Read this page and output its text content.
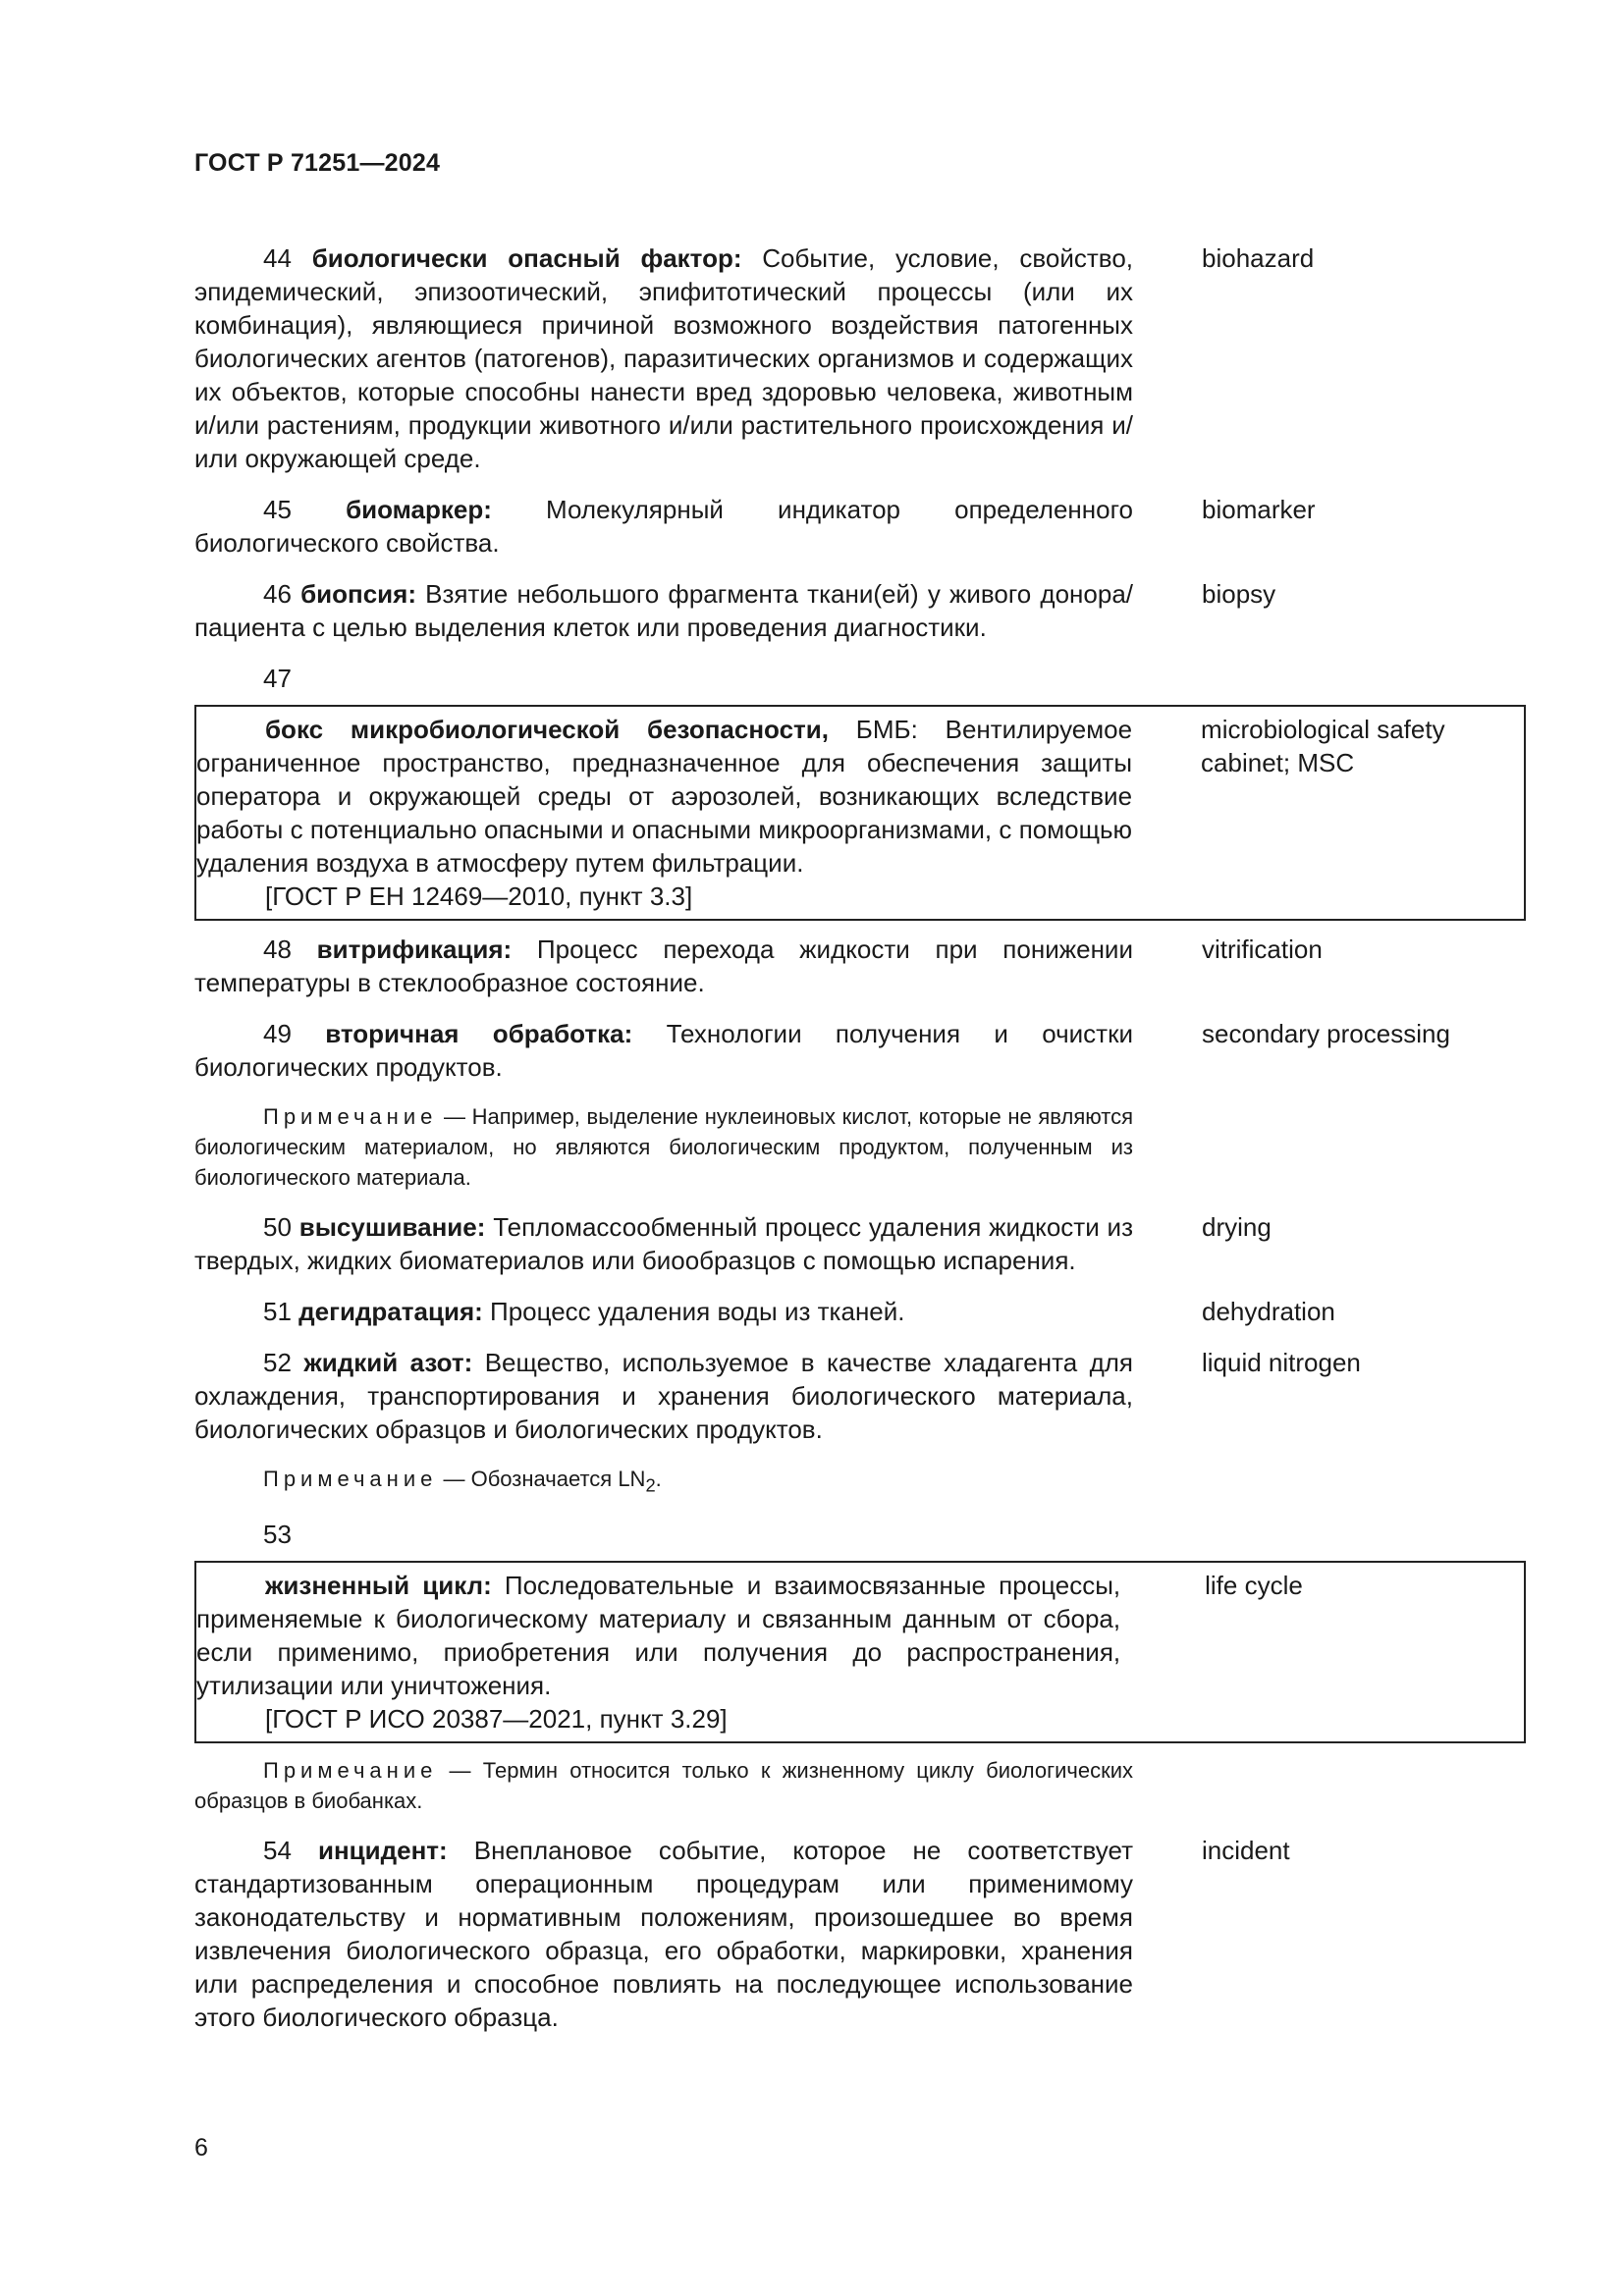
ГОСТ Р 71251—2024
44 биологически опасный фактор: Событие, условие, свойство, эпидемический, эпизоотический, эпифитотический процессы (или их комбинация), являющиеся причиной возможного воздействия патогенных биологических агентов (патогенов), паразитических организмов и содержащих их объектов, которые способны нанести вред здоровью человека, животным и/или растениям, продукции животного и/или растительного происхождения и/или окружающей среде.
biohazard
45 биомаркер: Молекулярный индикатор определенного биологического свойства.
biomarker
46 биопсия: Взятие небольшого фрагмента ткани(ей) у живого донора/пациента с целью выделения клеток или проведения диагностики.
biopsy
47
бокс микробиологической безопасности, БМБ: Вентилируемое ограниченное пространство, предназначенное для обеспечения защиты оператора и окружающей среды от аэрозолей, возникающих вследствие работы с потенциально опасными и опасными микроорганизмами, с помощью удаления воздуха в атмосферу путем фильтрации.
microbiological safety cabinet; MSC
[ГОСТ Р ЕН 12469—2010, пункт 3.3]
48 витрификация: Процесс перехода жидкости при понижении температуры в стеклообразное состояние.
vitrification
49 вторичная обработка: Технологии получения и очистки биологических продуктов.
secondary processing
Примечание — Например, выделение нуклеиновых кислот, которые не являются биологическим материалом, но являются биологическим продуктом, полученным из биологического материала.
50 высушивание: Тепломассообменный процесс удаления жидкости из твердых, жидких биоматериалов или биообразцов с помощью испарения.
drying
51 дегидратация: Процесс удаления воды из тканей.	dehydration
52 жидкий азот: Вещество, используемое в качестве хладагента для охлаждения, транспортирования и хранения биологического материала, биологических образцов и биологических продуктов.
liquid nitrogen
Примечание — Обозначается $LN_2$.
53
жизненный цикл: Последовательные и взаимосвязанные процессы, применяемые к биологическому материалу и связанным данным от сбора, если применимо, приобретения или получения до распространения, утилизации или уничтожения.
life cycle
[ГОСТ Р ИСО 20387—2021, пункт 3.29]
Примечание — Термин относится только к жизненному циклу биологических образцов в биобанках.
54 инцидент: Внеплановое событие, которое не соответствует стандартизованным операционным процедурам или применимому законодательству и нормативным положениям, произошедшее во время извлечения биологического образца, его обработки, маркировки, хранения или распределения и способное повлиять на последующее использование этого биологического образца.
incident
6
